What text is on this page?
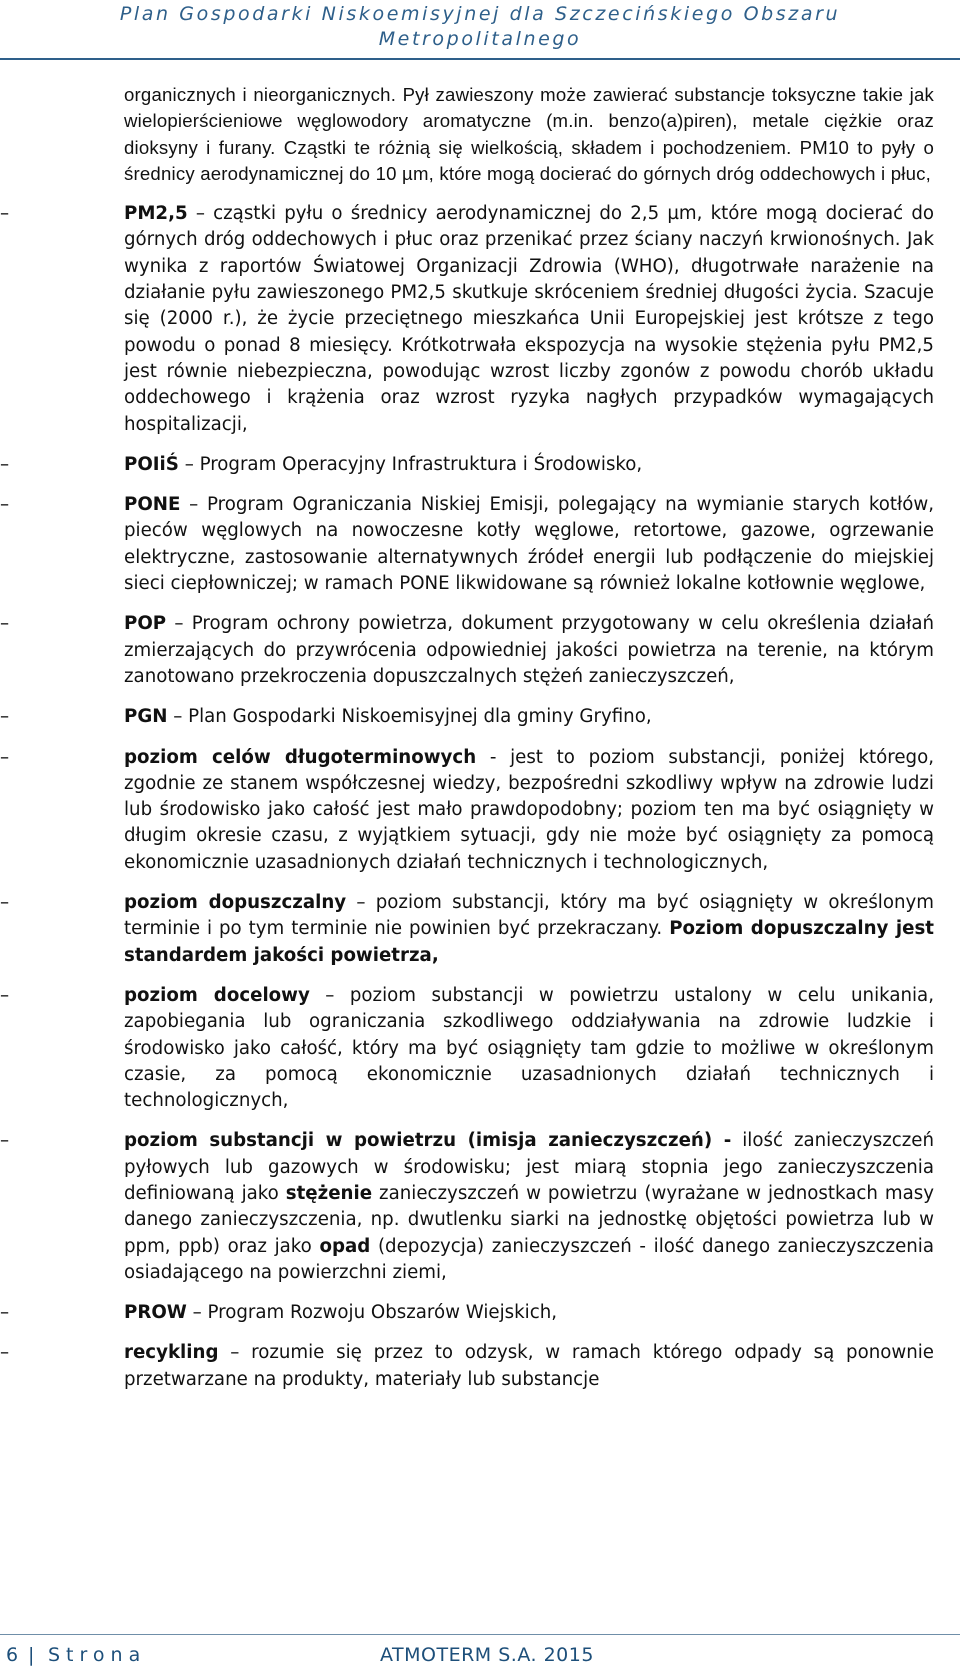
Plan Gospodarki Niskoemisyjnej dla Szczecińskiego Obszaru
Metropolitalnego
organicznych i nieorganicznych. Pył zawieszony może zawierać substancje toksyczne takie jak wielopierścieniowe węglowodory aromatyczne (m.in. benzo(a)piren), metale ciężkie oraz dioksyny i furany. Cząstki te różnią się wielkością, składem i pochodzeniem. PM10 to pyły o średnicy aerodynamicznej do 10 µm, które mogą docierać do górnych dróg oddechowych i płuc,
–	PM2,5 – cząstki pyłu o średnicy aerodynamicznej do 2,5 µm, które mogą docierać do górnych dróg oddechowych i płuc oraz przenikać przez ściany naczyń krwionośnych. Jak wynika z raportów Światowej Organizacji Zdrowia (WHO), długotrwałe narażenie na działanie pyłu zawieszonego PM2,5 skutkuje skróceniem średniej długości życia. Szacuje się (2000 r.), że życie przeciętnego mieszkańca Unii Europejskiej jest krótsze z tego powodu o ponad 8 miesięcy. Krótkotrwała ekspozycja na wysokie stężenia pyłu PM2,5 jest równie niebezpieczna, powodując wzrost liczby zgonów z powodu chorób układu oddechowego i krążenia oraz wzrost ryzyka nagłych przypadków wymagających hospitalizacji,
–	POIiŚ – Program Operacyjny Infrastruktura i Środowisko,
–	PONE – Program Ograniczania Niskiej Emisji, polegający na wymianie starych kotłów, pieców węglowych na nowoczesne kotły węglowe, retortowe, gazowe, ogrzewanie elektryczne, zastosowanie alternatywnych źródeł energii lub podłączenie do miejskiej sieci ciepłowniczej; w ramach PONE likwidowane są również lokalne kotłownie węglowe,
–	POP – Program ochrony powietrza, dokument przygotowany w celu określenia działań zmierzających do przywrócenia odpowiedniej jakości powietrza na terenie, na którym zanotowano przekroczenia dopuszczalnych stężeń zanieczyszczeń,
–	PGN – Plan Gospodarki Niskoemisyjnej dla gminy Gryfino,
–	poziom celów długoterminowych - jest to poziom substancji, poniżej którego, zgodnie ze stanem współczesnej wiedzy, bezpośredni szkodliwy wpływ na zdrowie ludzi lub środowisko jako całość jest mało prawdopodobny; poziom ten ma być osiągnięty w długim okresie czasu, z wyjątkiem sytuacji, gdy nie może być osiągnięty za pomocą ekonomicznie uzasadnionych działań technicznych i technologicznych,
–	poziom dopuszczalny – poziom substancji, który ma być osiągnięty w określonym terminie i po tym terminie nie powinien być przekraczany. Poziom dopuszczalny jest standardem jakości powietrza,
–	poziom docelowy – poziom substancji w powietrzu ustalony w celu unikania, zapobiegania lub ograniczania szkodliwego oddziaływania na zdrowie ludzkie i środowisko jako całość, który ma być osiągnięty tam gdzie to możliwe w określonym czasie, za pomocą ekonomicznie uzasadnionych działań technicznych i technologicznych,
–	poziom substancji w powietrzu (imisja zanieczyszczeń) - ilość zanieczyszczeń pyłowych lub gazowych w środowisku; jest miarą stopnia jego zanieczyszczenia definiowaną jako stężenie zanieczyszczeń w powietrzu (wyrażane w jednostkach masy danego zanieczyszczenia, np. dwutlenku siarki na jednostkę objętości powietrza lub w ppm, ppb) oraz jako opad (depozycja) zanieczyszczeń - ilość danego zanieczyszczenia osiadającego na powierzchni ziemi,
–	PROW – Program Rozwoju Obszarów Wiejskich,
–	recykling – rozumie się przez to odzysk, w ramach którego odpady są ponownie przetwarzane na produkty, materiały lub substancje
6 | Strona	ATMOTERM S.A. 2015
